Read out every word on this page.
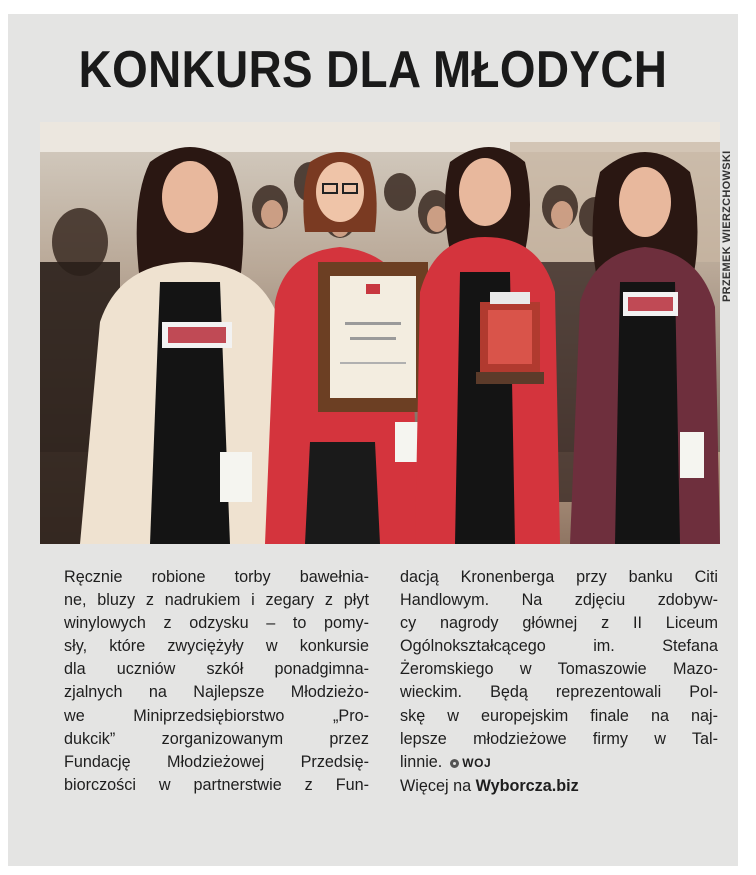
KONKURS DLA MŁODYCH
PRZEMEK WIERZCHOWSKI
Ręcznie robione torby bawełnia-
ne, bluzy z nadrukiem i zegary z płyt
winylowych z odzysku – to pomy-
sły, które zwyciężyły w konkursie
dla uczniów szkół ponadgimna-
zjalnych na Najlepsze Młodzieżo-
we Miniprzedsiębiorstwo „Pro-
dukcik” zorganizowanym przez
Fundację Młodzieżowej Przedsię-
biorczości w partnerstwie z Fun-
dacją Kronenberga przy banku Citi
Handlowym. Na zdjęciu zdobyw-
cy nagrody głównej z II Liceum
Ogólnokształcącego im. Stefana
Żeromskiego w Tomaszowie Mazo-
wieckim. Będą reprezentowali Pol-
skę w europejskim finale na naj-
lepsze młodzieżowe firmy w Tal-
linnie. WOJ
Więcej na Wyborcza.biz
